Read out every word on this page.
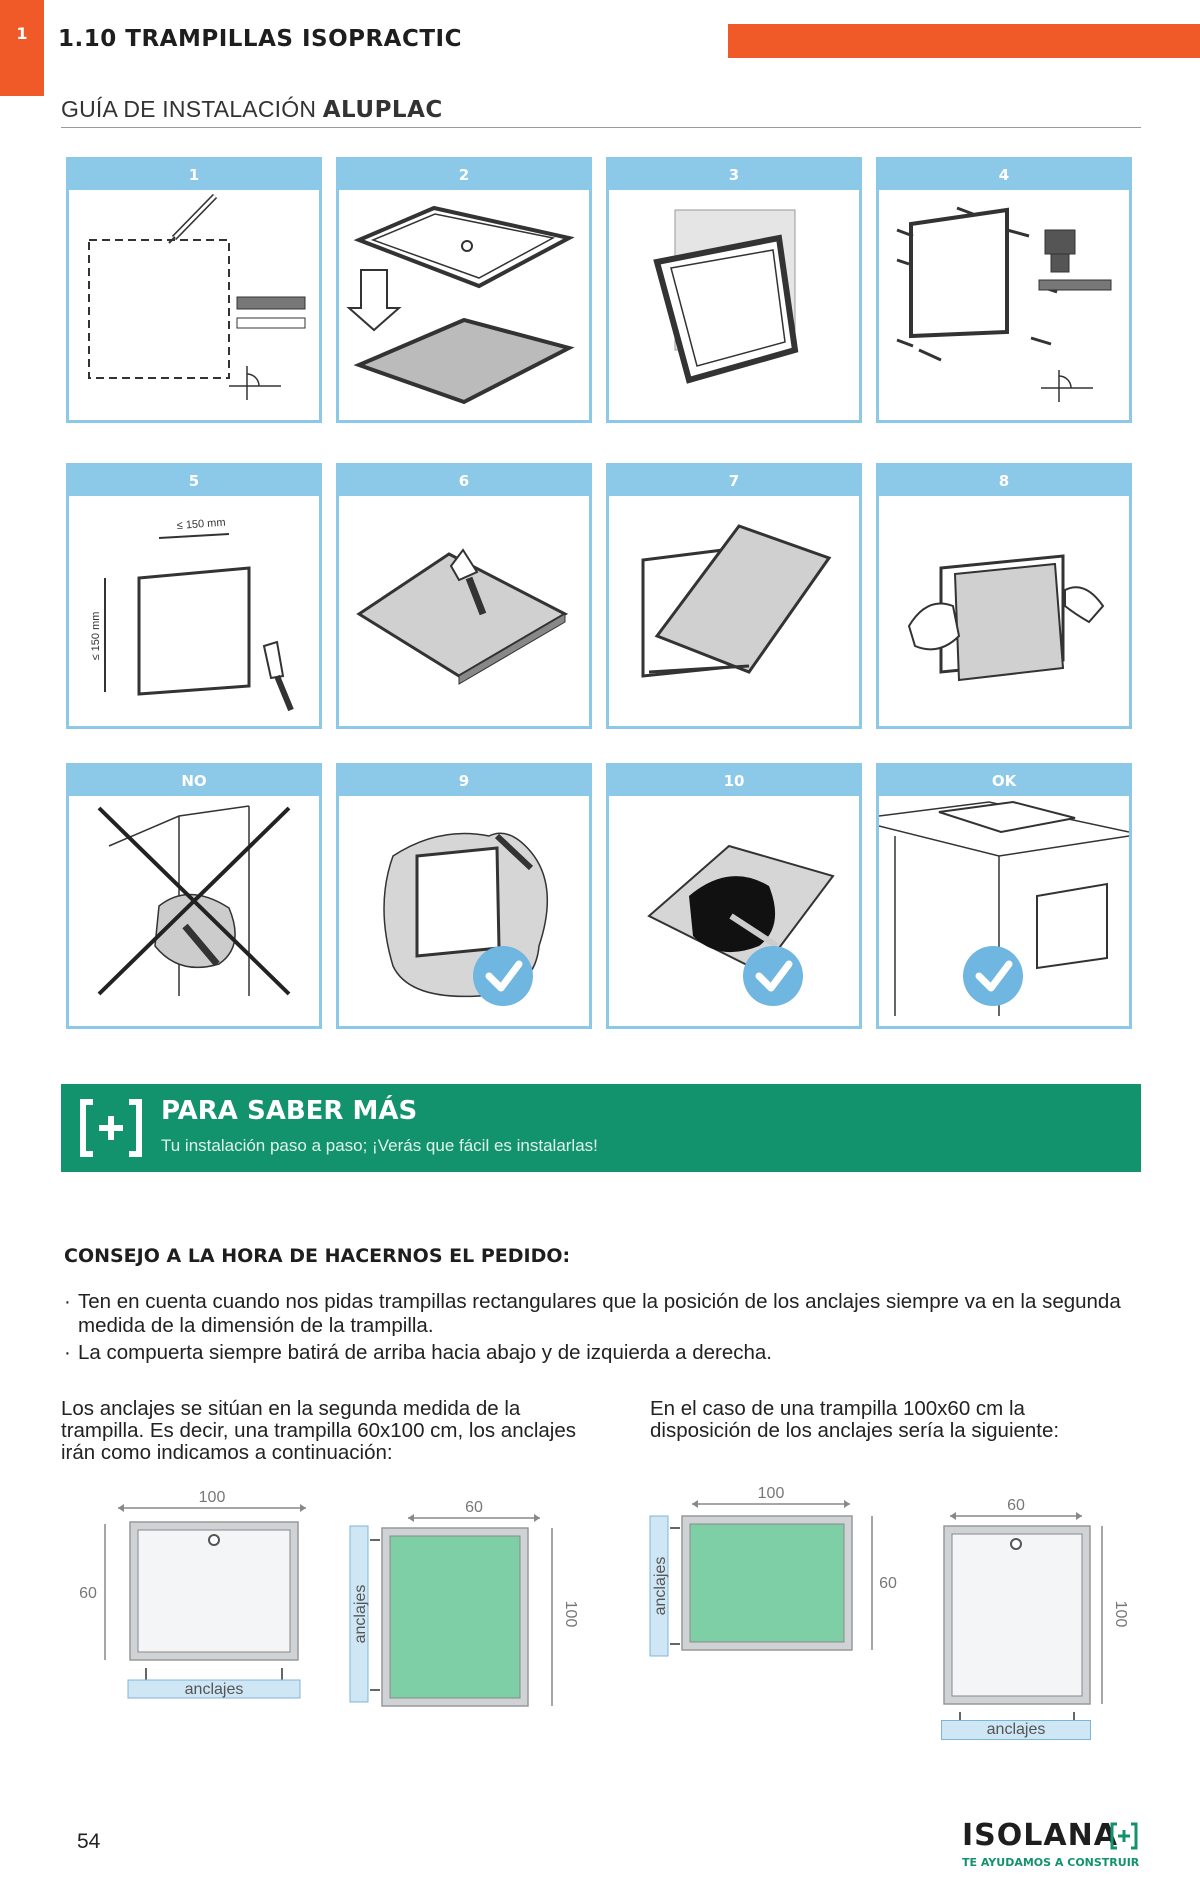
1	1.10 TRAMPILLAS ISOPRACTIC
GUÍA DE INSTALACIÓN ALUPLAC
1	2	3	4
5
≤ 150 mm
≤ 150 mm
6	7	8
NO	9	10	OK
PARA SABER MÁS
Tu instalación paso a paso; ¡Verás que fácil es instalarlas!
CONSEJO A LA HORA DE HACERNOS EL PEDIDO:
· Ten en cuenta cuando nos pidas trampillas rectangulares que la posición de los anclajes siempre va en la segunda medida de la dimensión de la trampilla.
· La compuerta siempre batirá de arriba hacia abajo y de izquierda a derecha.
Los anclajes se sitúan en la segunda medida de la trampilla. Es decir, una trampilla 60x100 cm, los anclajes irán como indicamos a continuación:
En el caso de una trampilla 100x60 cm la disposición de los anclajes sería la siguiente:
100
60
anclajes
60
anclajes	100
100
anclajes	60
60
100
anclajes
54	ISOLANA
TE AYUDAMOS A CONSTRUIR
